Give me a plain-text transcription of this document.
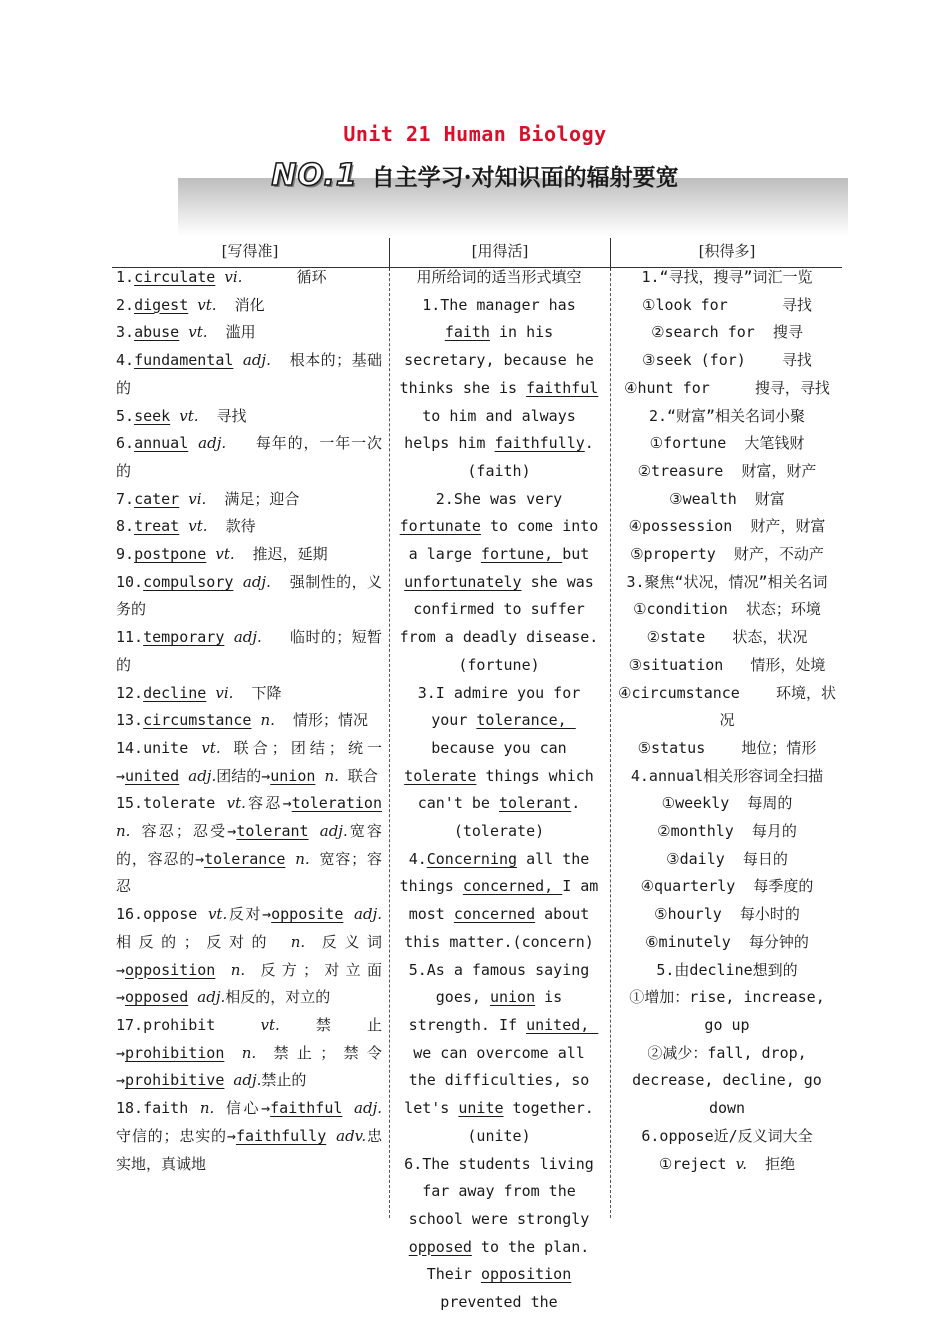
Unit 21 Human Biology
NO.1 自主学习·对知识面的辐射要宽
[写得准]	[用得活]	[积得多]

1.circulate vi.      循环

2.digest vt.  消化

3.abuse vt.  滥用

4.fundamental adj.  根本的；基础的

5.seek vt.  寻找

6.annual adj.   每年的，一年一次的

7.cater vi.  满足；迎合

8.treat vt.  款待

9.postpone vt.  推迟，延期

10.compulsory adj.  强制性的，义务的

11.temporary adj.   临时的；短暂的

12.decline vi.  下降

13.circumstance n.  情形；情况

14.unite vt. 联合；团结；统一→united adj.团结的→union n. 联合

15.tolerate vt.容忍→toleration n. 容忍；忍受→tolerant adj.宽容的，容忍的→tolerance n. 宽容；容忍

16.oppose vt.反对→opposite adj.相反的；反对的 n. 反义词→opposition n. 反方；对立面→opposed adj.相反的，对立的

17.prohibit vt.禁止→prohibition n. 禁止；禁令→prohibitive adj.禁止的

18.faith n. 信心→faithful adj.守信的；忠实的→faithfully adv.忠实地，真诚地

用所给词的适当形式填空

1.The manager has faith in his secretary, because he thinks she is faithful to him and always helps him faithfully.(faith)

2.She was very fortunate to come into a large fortune, but unfortunately she was confirmed to suffer from a deadly disease.(fortune)

3.I admire you for your tolerance, because you can tolerate things which can't be tolerant.(tolerate)

4.Concerning all the things concerned, I am most concerned about this matter.(concern)

5.As a famous saying goes, union is strength. If united, we can overcome all the difficulties, so let's unite together.(unite)

6.The students living far away from the school were strongly opposed to the plan. Their opposition prevented the

1.“寻找，搜寻”词汇一览

①look for      寻找

②search for  搜寻

③seek (for)    寻找

④hunt for     搜寻，寻找

2.“财富”相关名词小聚

①fortune  大笔钱财

②treasure  财富，财产

③wealth  财富

④possession  财产，财富

⑤property  财产，不动产

3.聚焦“状况，情况”相关名词

①condition  状态；环境

②state   状态，状况

③situation   情形，处境

④circumstance    环境，状况

⑤status    地位；情形

4.annual相关形容词全扫描

①weekly  每周的

②monthly  每月的

③daily  每日的

④quarterly  每季度的

⑤hourly  每小时的

⑥minutely  每分钟的

5.由decline想到的

①增加：rise, increase, go up

②减少：fall, drop, decrease, decline, go down

6.oppose近/反义词大全

①reject v.  拒绝
